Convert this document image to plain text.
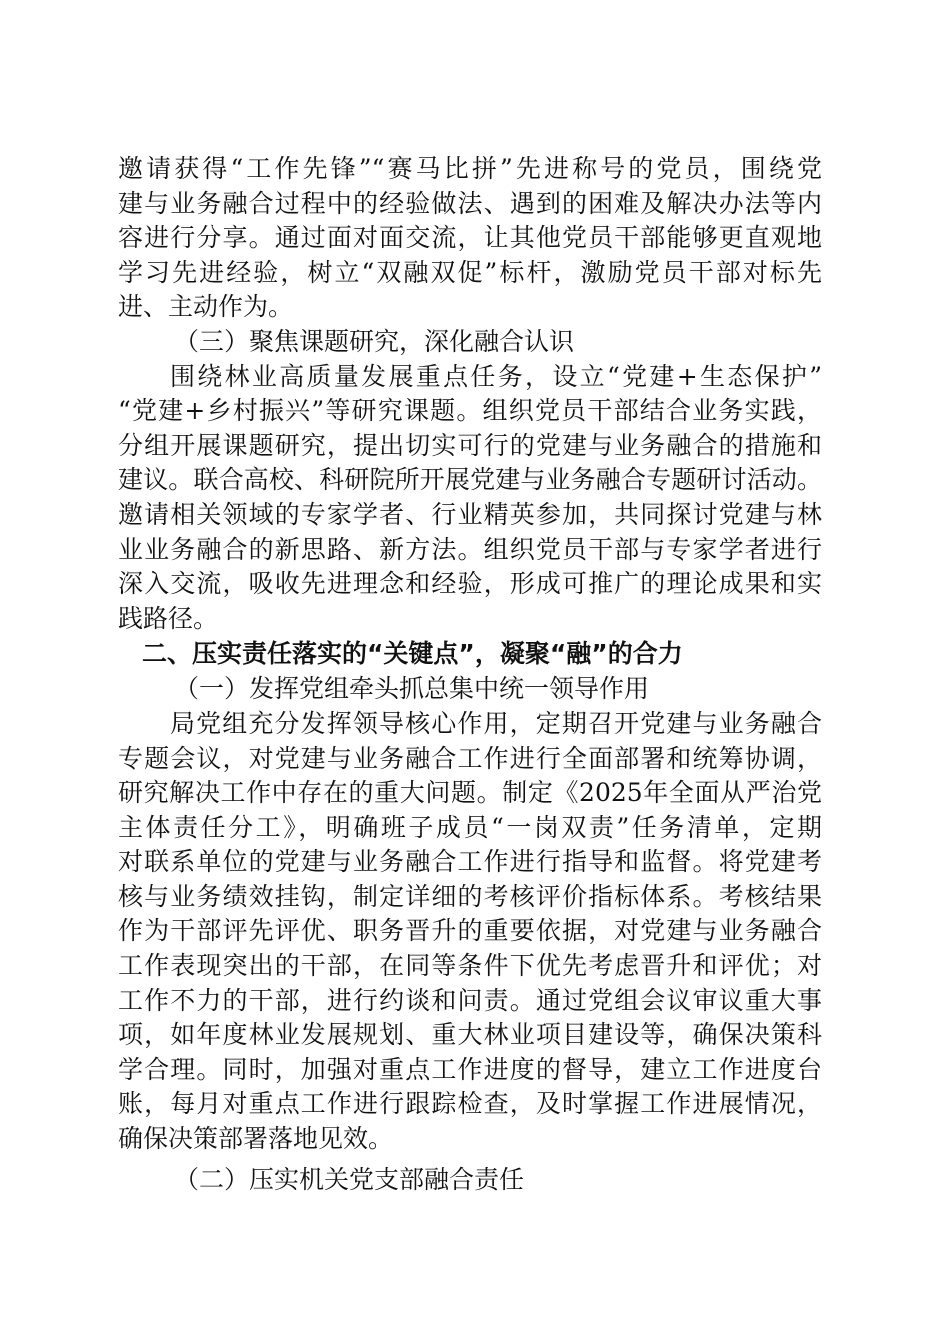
邀请获得“工作先锋”“赛马比拼”先进称号的党员，围绕党
建与业务融合过程中的经验做法、遇到的困难及解决办法等内
容进行分享。通过面对面交流，让其他党员干部能够更直观地
学习先进经验，树立“双融双促”标杆，激励党员干部对标先
进、主动作为。
（三）聚焦课题研究，深化融合认识
围绕林业高质量发展重点任务，设立“党建+生态保护”
“党建+乡村振兴”等研究课题。组织党员干部结合业务实践，
分组开展课题研究，提出切实可行的党建与业务融合的措施和
建议。联合高校、科研院所开展党建与业务融合专题研讨活动。
邀请相关领域的专家学者、行业精英参加，共同探讨党建与林
业业务融合的新思路、新方法。组织党员干部与专家学者进行
深入交流，吸收先进理念和经验，形成可推广的理论成果和实
践路径。
二、压实责任落实的“关键点”，凝聚“融”的合力
（一）发挥党组牵头抓总集中统一领导作用
局党组充分发挥领导核心作用，定期召开党建与业务融合
专题会议，对党建与业务融合工作进行全面部署和统筹协调，
研究解决工作中存在的重大问题。制定《2025年全面从严治党
主体责任分工》，明确班子成员“一岗双责”任务清单，定期
对联系单位的党建与业务融合工作进行指导和监督。将党建考
核与业务绩效挂钩，制定详细的考核评价指标体系。考核结果
作为干部评先评优、职务晋升的重要依据，对党建与业务融合
工作表现突出的干部，在同等条件下优先考虑晋升和评优；对
工作不力的干部，进行约谈和问责。通过党组会议审议重大事
项，如年度林业发展规划、重大林业项目建设等，确保决策科
学合理。同时，加强对重点工作进度的督导，建立工作进度台
账，每月对重点工作进行跟踪检查，及时掌握工作进展情况，
确保决策部署落地见效。
（二）压实机关党支部融合责任
